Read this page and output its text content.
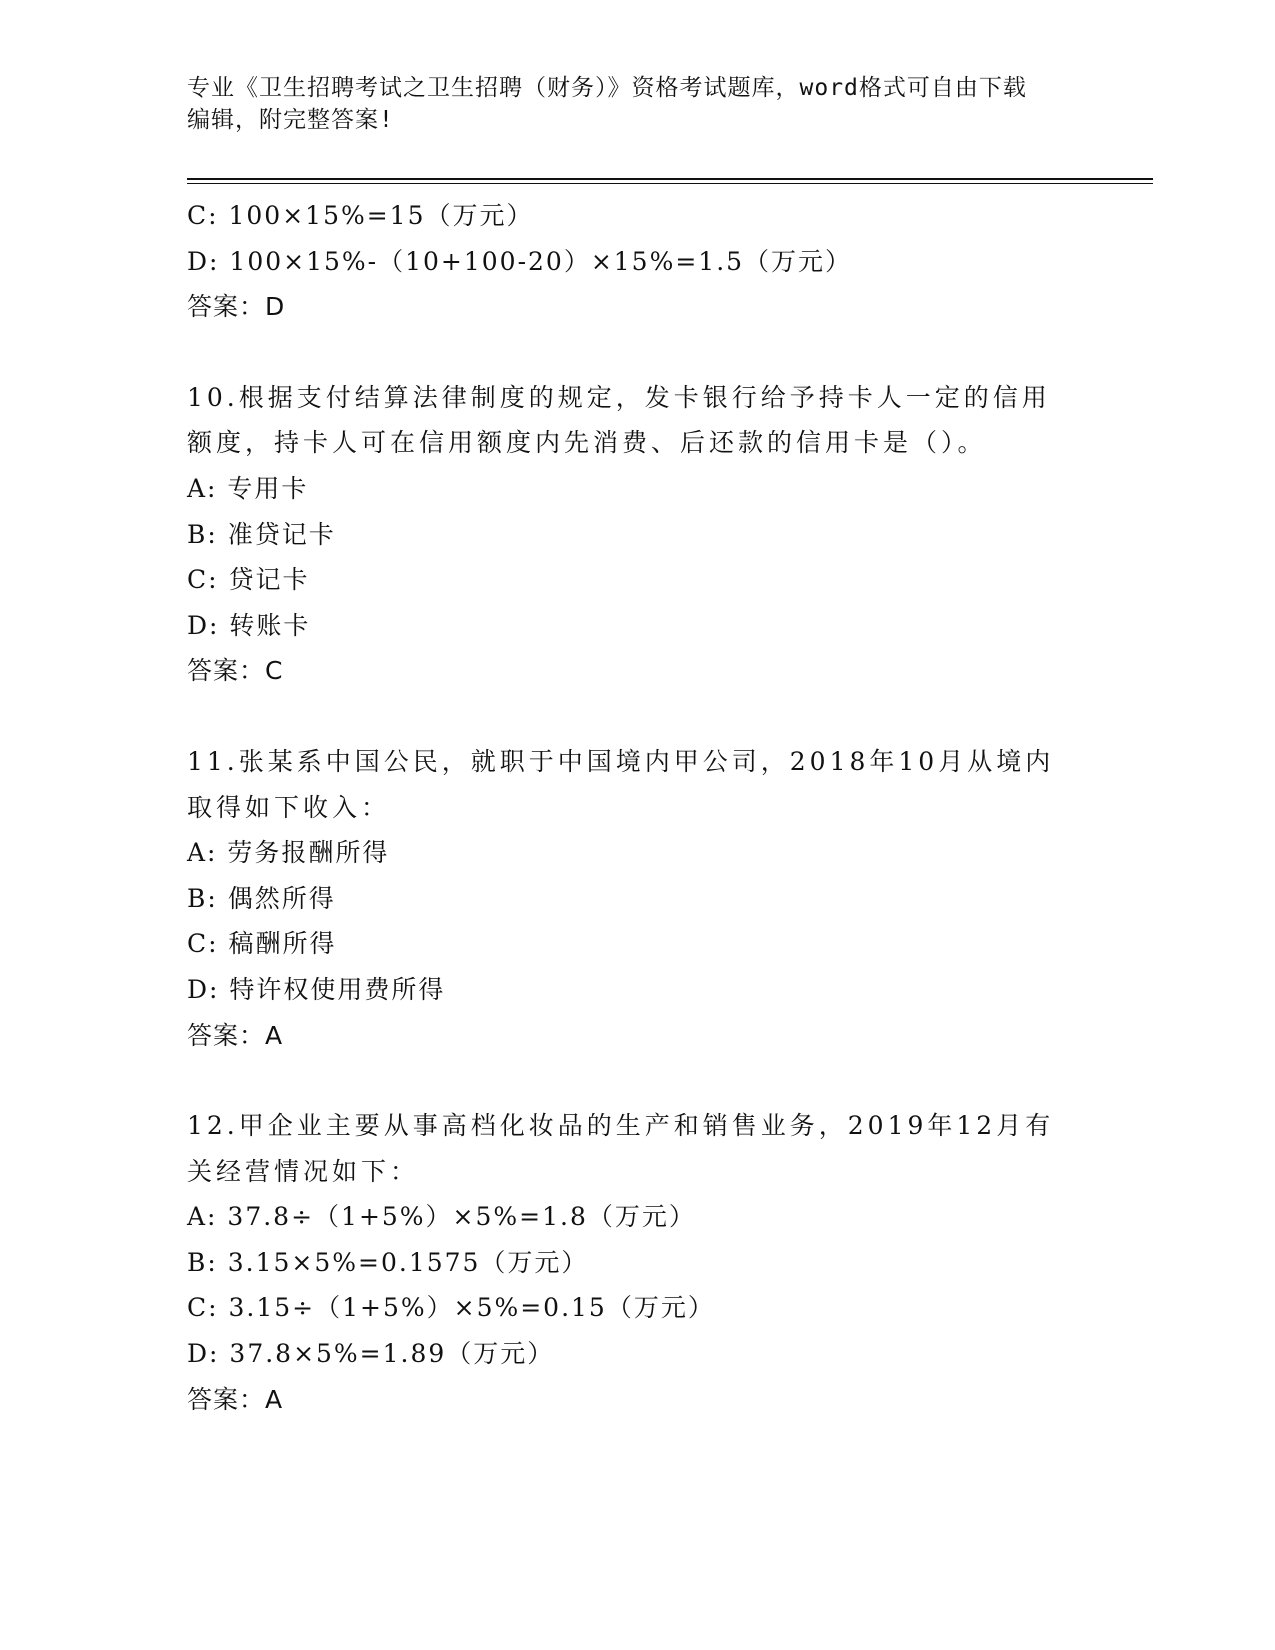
专业《卫生招聘考试之卫生招聘（财务）》资格考试题库，word格式可自由下载
编辑，附完整答案!
C: 100×15%=15（万元）
D: 100×15%-（10+100-20）×15%=1.5（万元）
答案：D
10.根据支付结算法律制度的规定，发卡银行给予持卡人一定的信用额度，持卡人可在信用额度内先消费、后还款的信用卡是（）。
A: 专用卡
B: 准贷记卡
C: 贷记卡
D: 转账卡
答案：C
11.张某系中国公民，就职于中国境内甲公司，2018年10月从境内取得如下收入：
A: 劳务报酬所得
B: 偶然所得
C: 稿酬所得
D: 特许权使用费所得
答案：A
12.甲企业主要从事高档化妆品的生产和销售业务，2019年12月有关经营情况如下：
A: 37.8÷（1+5%）×5%=1.8（万元）
B: 3.15×5%=0.1575（万元）
C: 3.15÷（1+5%）×5%=0.15（万元）
D: 37.8×5%=1.89（万元）
答案：A
